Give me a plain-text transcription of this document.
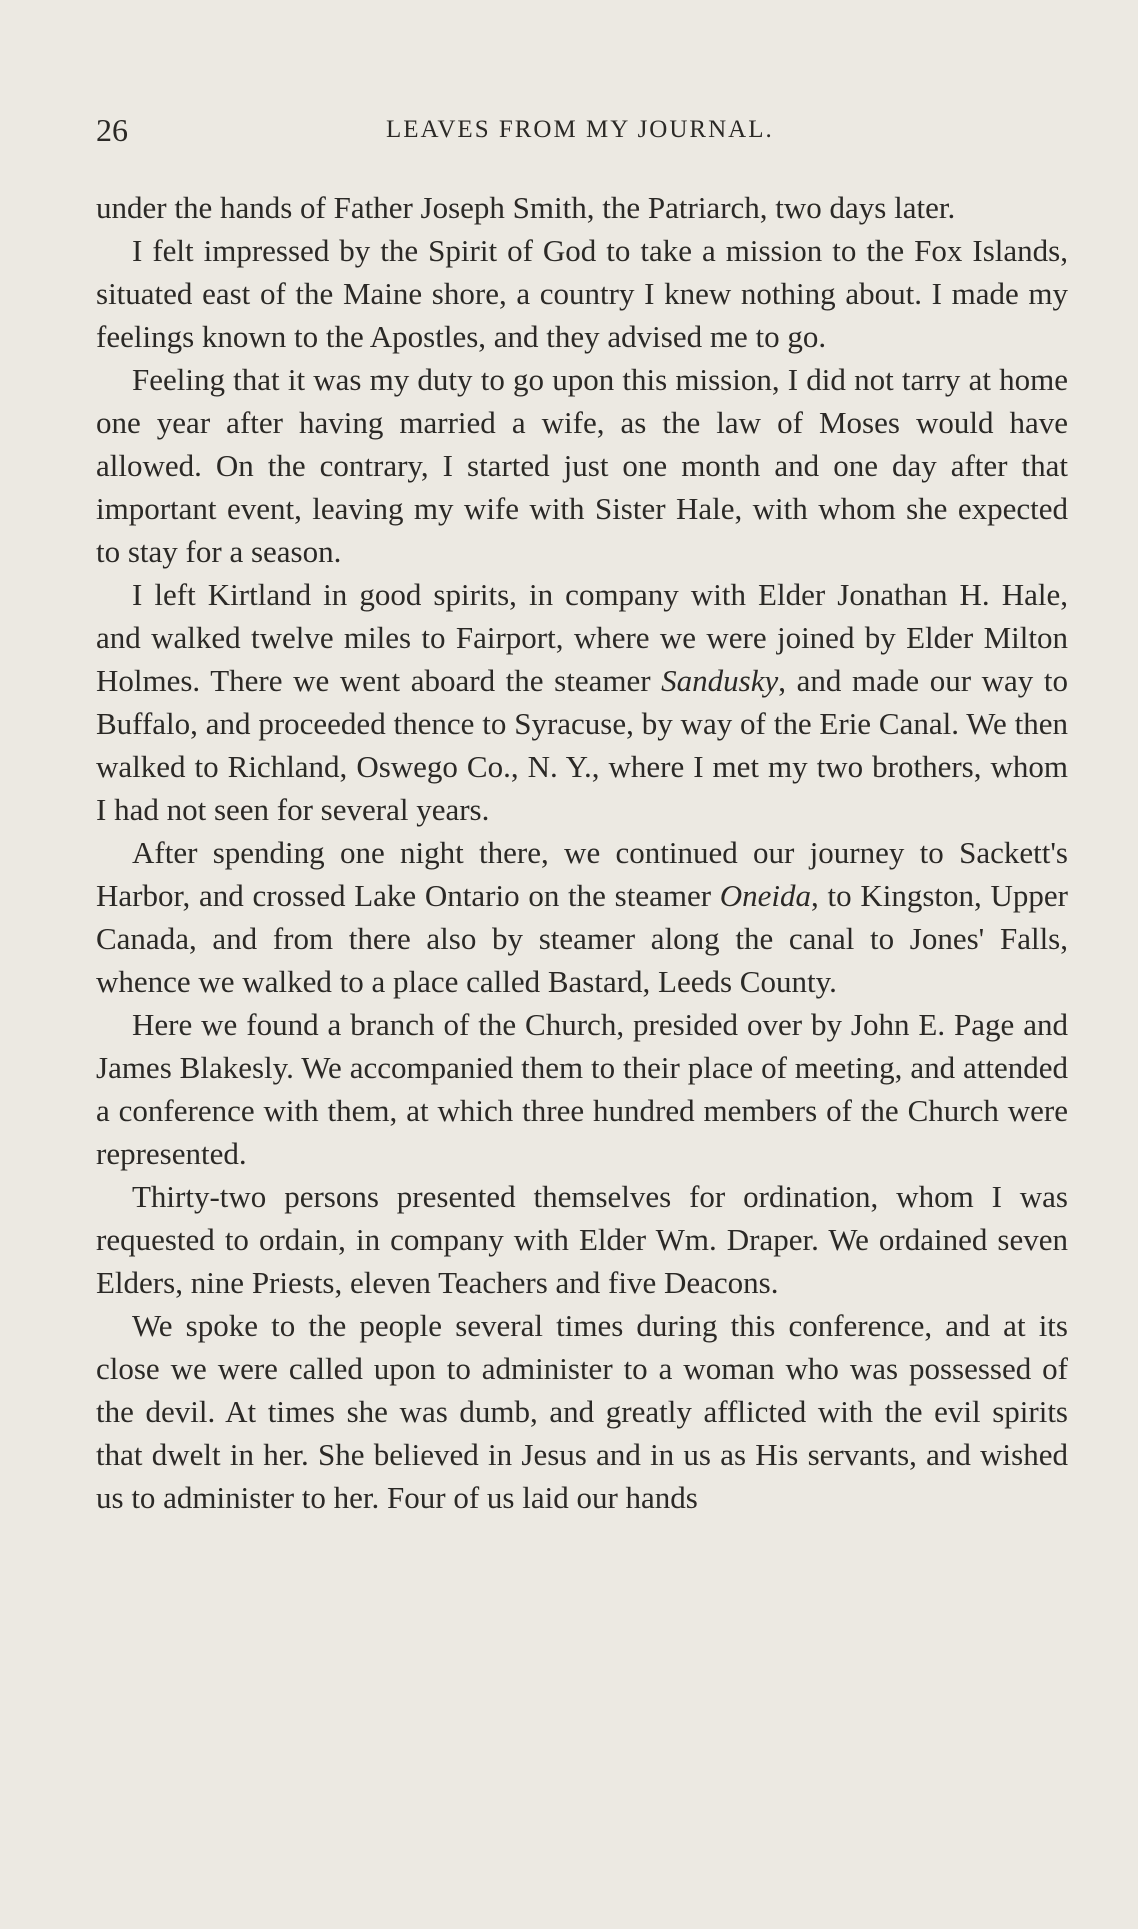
26	LEAVES FROM MY JOURNAL.

under the hands of Father Joseph Smith, the Patriarch, two days later.

I felt impressed by the Spirit of God to take a mission to the Fox Islands, situated east of the Maine shore, a country I knew nothing about. I made my feelings known to the Apostles, and they advised me to go.

Feeling that it was my duty to go upon this mission, I did not tarry at home one year after having married a wife, as the law of Moses would have allowed. On the contrary, I started just one month and one day after that important event, leaving my wife with Sister Hale, with whom she expected to stay for a season.

I left Kirtland in good spirits, in company with Elder Jonathan H. Hale, and walked twelve miles to Fairport, where we were joined by Elder Milton Holmes. There we went aboard the steamer Sandusky, and made our way to Buffalo, and proceeded thence to Syracuse, by way of the Erie Canal. We then walked to Richland, Oswego Co., N. Y., where I met my two brothers, whom I had not seen for several years.

After spending one night there, we continued our journey to Sackett's Harbor, and crossed Lake Ontario on the steamer Oneida, to Kingston, Upper Canada, and from there also by steamer along the canal to Jones' Falls, whence we walked to a place called Bastard, Leeds County.

Here we found a branch of the Church, presided over by John E. Page and James Blakesly. We accompanied them to their place of meeting, and attended a conference with them, at which three hundred members of the Church were represented.

Thirty-two persons presented themselves for ordination, whom I was requested to ordain, in company with Elder Wm. Draper. We ordained seven Elders, nine Priests, eleven Teachers and five Deacons.

We spoke to the people several times during this conference, and at its close we were called upon to administer to a woman who was possessed of the devil. At times she was dumb, and greatly afflicted with the evil spirits that dwelt in her. She believed in Jesus and in us as His servants, and wished us to administer to her. Four of us laid our hands
